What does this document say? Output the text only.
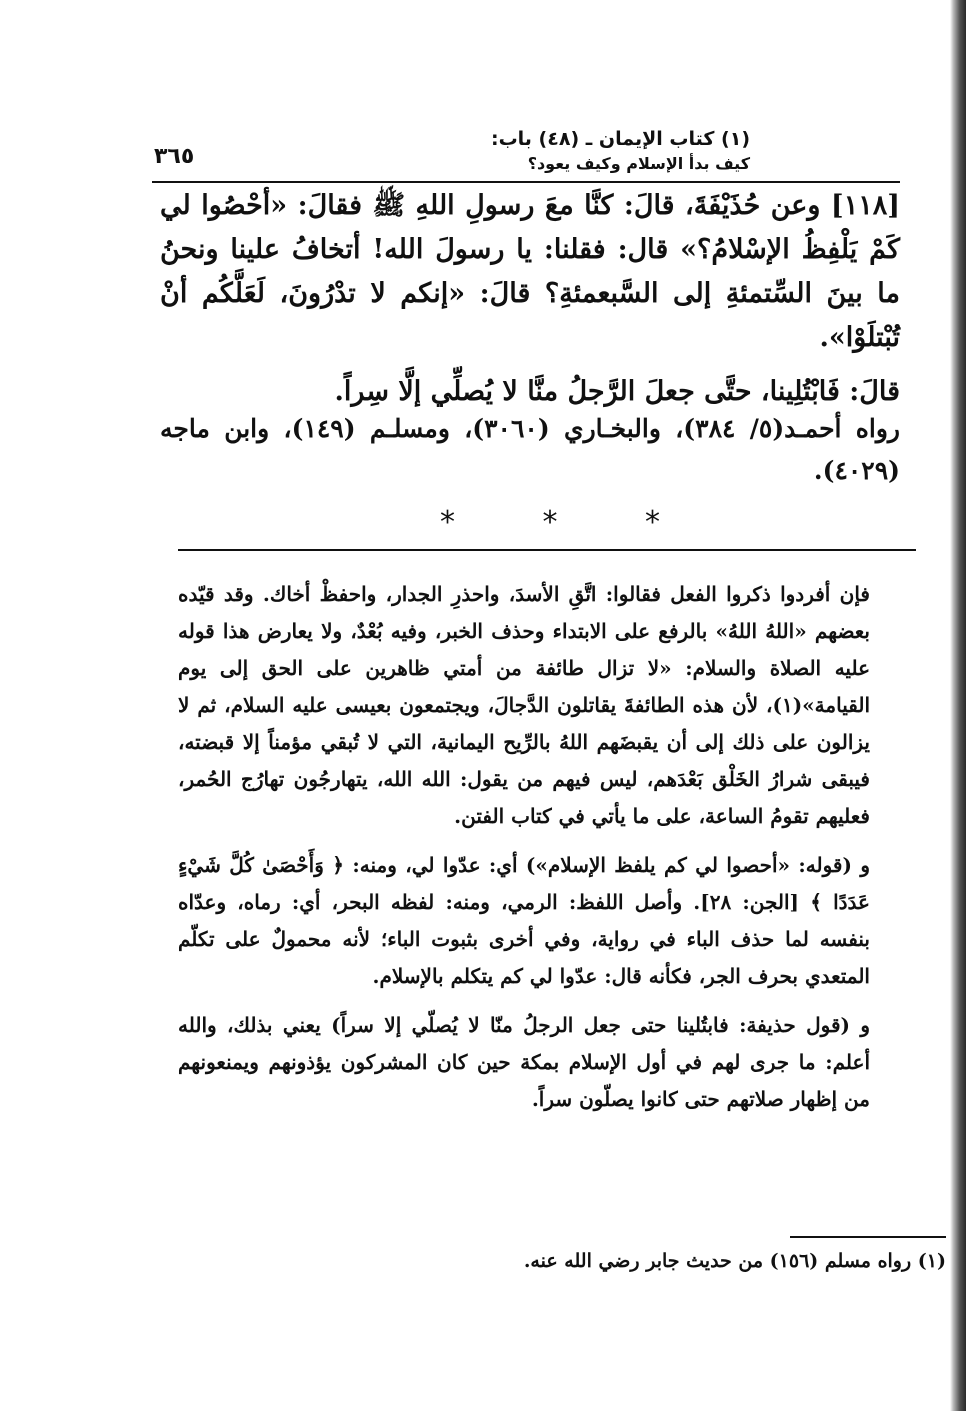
(١) كتاب الإيمان ـ (٤٨) باب:
كيف بدأ الإسلام وكيف يعود؟
٣٦٥

[١١٨] وعن حُذَيْفَةَ، قالَ: كنَّا معَ رسولِ اللهِ ﷺ فقالَ: «أحْصُوا لي كَمْ يَلْفِظُ الإسْلامُ؟» قال: فقلنا: يا رسولَ الله! أتخافُ علينا ونحنُ ما بينَ السِّتمئةِ إلى السَّبعمئةِ؟ قالَ: «إنكم لا تدْرُونَ، لَعَلَّكُم أنْ تُبْتلَوْا».

قالَ: فَابْتُلِينا، حتَّى جعلَ الرَّجلُ منَّا لا يُصلِّي إلَّا سِراً.

رواه أحمـد(٥/ ٣٨٤)، والبخـاري (٣٠٦٠)، ومسلـم (١٤٩)، وابن ماجه (٤٠٢٩).
*
*
*

فإن أفردوا ذكروا الفعل فقالوا: اتَّقِ الأسدَ، واحذرِ الجدار، واحفظْ أخاك. وقد قيّده بعضهم «اللهُ اللهُ» بالرفع على الابتداء وحذف الخبر، وفيه بُعْدٌ، ولا يعارض هذا قوله عليه الصلاة والسلام: «لا تزال طائفة من أمتي ظاهرين على الحق إلى يوم القيامة»(١)، لأن هذه الطائفةَ يقاتلون الدَّجالَ، ويجتمعون بعيسى عليه السلام، ثم لا يزالون على ذلك إلى أن يقبضَهم اللهُ بالرِّيح اليمانية، التي لا تُبقي مؤمناً إلا قبضته، فيبقى شرارُ الخَلْق بَعْدَهم، ليس فيهم من يقول: الله الله، يتهارجُون تهارُج الحُمر، فعليهم تقومُ الساعة، على ما يأتي في كتاب الفتن.

و (قوله: «أحصوا لي كم يلفظ الإسلام») أي: عدّوا لي، ومنه: ﴿ وَأَحْصَىٰ كُلَّ شَيْءٍ عَدَدًا ﴾ [الجن: ٢٨]. وأصل اللفظ: الرمي، ومنه: لفظه البحر، أي: رماه، وعدّاه بنفسه لما حذف الباء في رواية، وفي أخرى بثبوت الباء؛ لأنه محمولٌ على تكلّم المتعدي بحرف الجر، فكأنه قال: عدّوا لي كم يتكلم بالإسلام.

و (قول حذيفة: فابتُلينا حتى جعل الرجلُ منّا لا يُصلّي إلا سراً) يعني بذلك، والله أعلم: ما جرى لهم في أول الإسلام بمكة حين كان المشركون يؤذونهم ويمنعونهم من إظهار صلاتهم حتى كانوا يصلّون سراً.

(١) رواه مسلم (١٥٦) من حديث جابر رضي الله عنه.
